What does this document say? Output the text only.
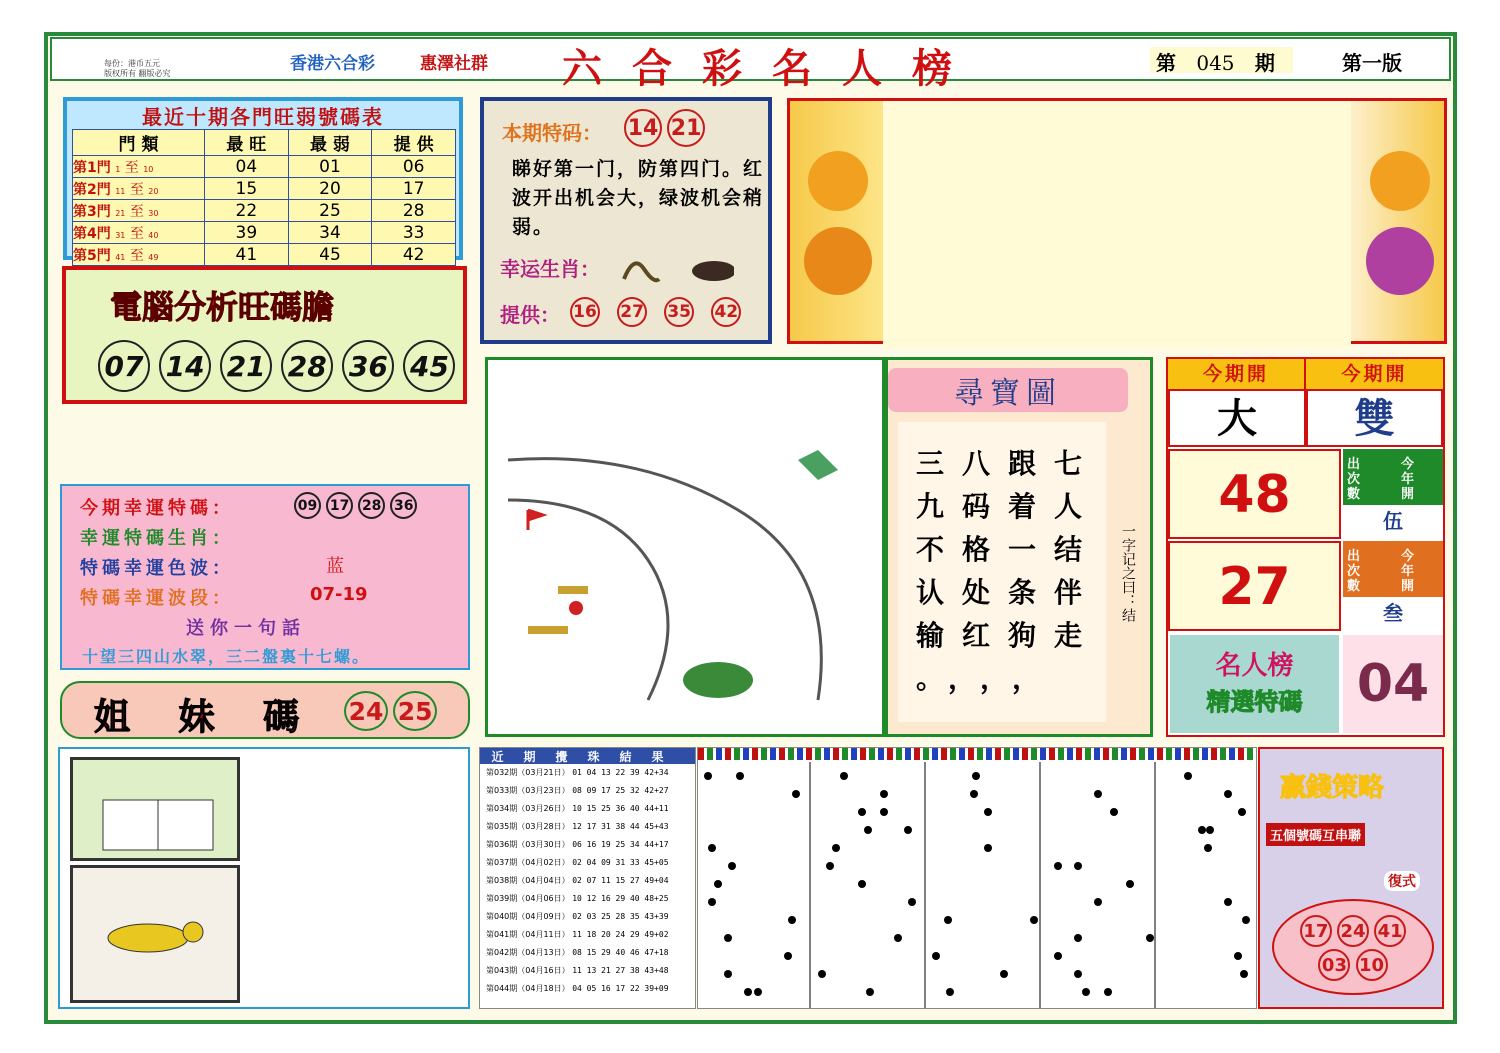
每份：港币五元
版权所有 翻版必究	香港六合彩	惠澤社群 六合彩名人榜	第 045 期	第一版
最近十期各門旺弱號碼表
門 類	最 旺	最 弱	提 供
第1門 1 至 10	04	01	06
第2門 11 至 20	15	20	17
第3門 21 至 30	22	25	28
第4門 31 至 40	39	34	33
第5門 41 至 49	41	45	42
本期特码： 14 21
睇好第一门，防第四门。红波开出机会大，绿波机会稍弱。
幸运生肖：
提供： 16 27 35 42
電腦分析旺碼膽
07 14 21 28 36 45
今期幸運特碼：	09 17 28 36
幸運特碼生肖：
特碼幸運色波：	蓝
特碼幸運波段：	07-19
送你一句話
十望三四山水翠，三二盤裏十七螺。
姐 妹 碼 24 25
尋寶圖
三八跟七
九码着人
不格一结
认处条伴
输红狗走
。，，，
一字记之曰：结
今期開	今期開
大	雙
48
出次數今年開
伍
27
出次數今年開
叁
名人榜
精選特碼	04
近期攪珠結果
第032期（03月21日） 01 04 13 22 39 42+34
第033期（03月23日） 08 09 17 25 32 42+27
第034期（03月26日） 10 15 25 36 40 44+11
第035期（03月28日） 12 17 31 38 44 45+43
第036期（03月30日） 06 16 19 25 34 44+17
第037期（04月02日） 02 04 09 31 33 45+05
第038期（04月04日） 02 07 11 15 27 49+04
第039期（04月06日） 10 12 16 29 40 48+25
第040期（04月09日） 02 03 25 28 35 43+39
第041期（04月11日） 11 18 20 24 29 49+02
第042期（04月13日） 08 15 29 40 46 47+18
第043期（04月16日） 11 13 21 27 38 43+48
第044期（04月18日） 04 05 16 17 22 39+09
贏錢策略
五個號碼互串聯
復式
17 24 41
03 10
